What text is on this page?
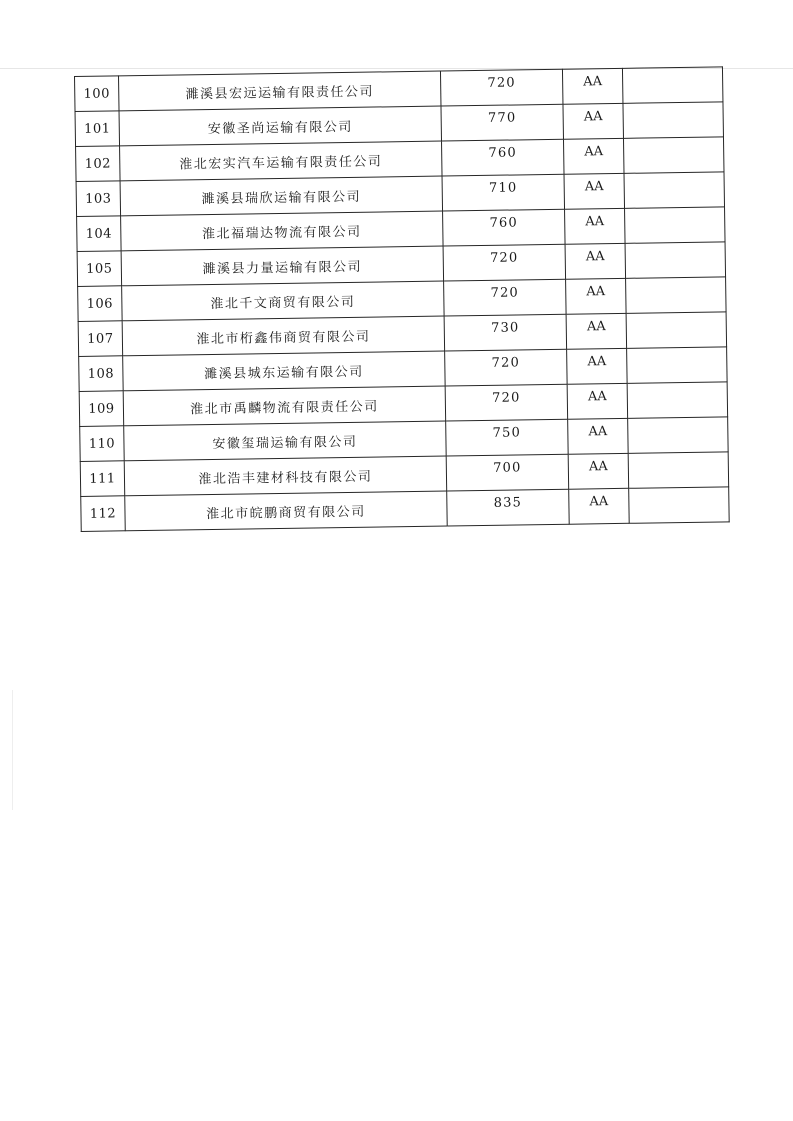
100	濉溪县宏远运输有限责任公司	720	AA	
101	安徽圣尚运输有限公司	770	AA	
102	淮北宏实汽车运输有限责任公司	760	AA	
103	濉溪县瑞欣运输有限公司	710	AA	
104	淮北福瑞达物流有限公司	760	AA	
105	濉溪县力量运输有限公司	720	AA	
106	淮北千文商贸有限公司	720	AA	
107	淮北市桁鑫伟商贸有限公司	730	AA	
108	濉溪县城东运输有限公司	720	AA	
109	淮北市禹麟物流有限责任公司	720	AA	
110	安徽玺瑞运输有限公司	750	AA	
111	淮北浩丰建材科技有限公司	700	AA	
112	淮北市皖鹏商贸有限公司	835	AA	
